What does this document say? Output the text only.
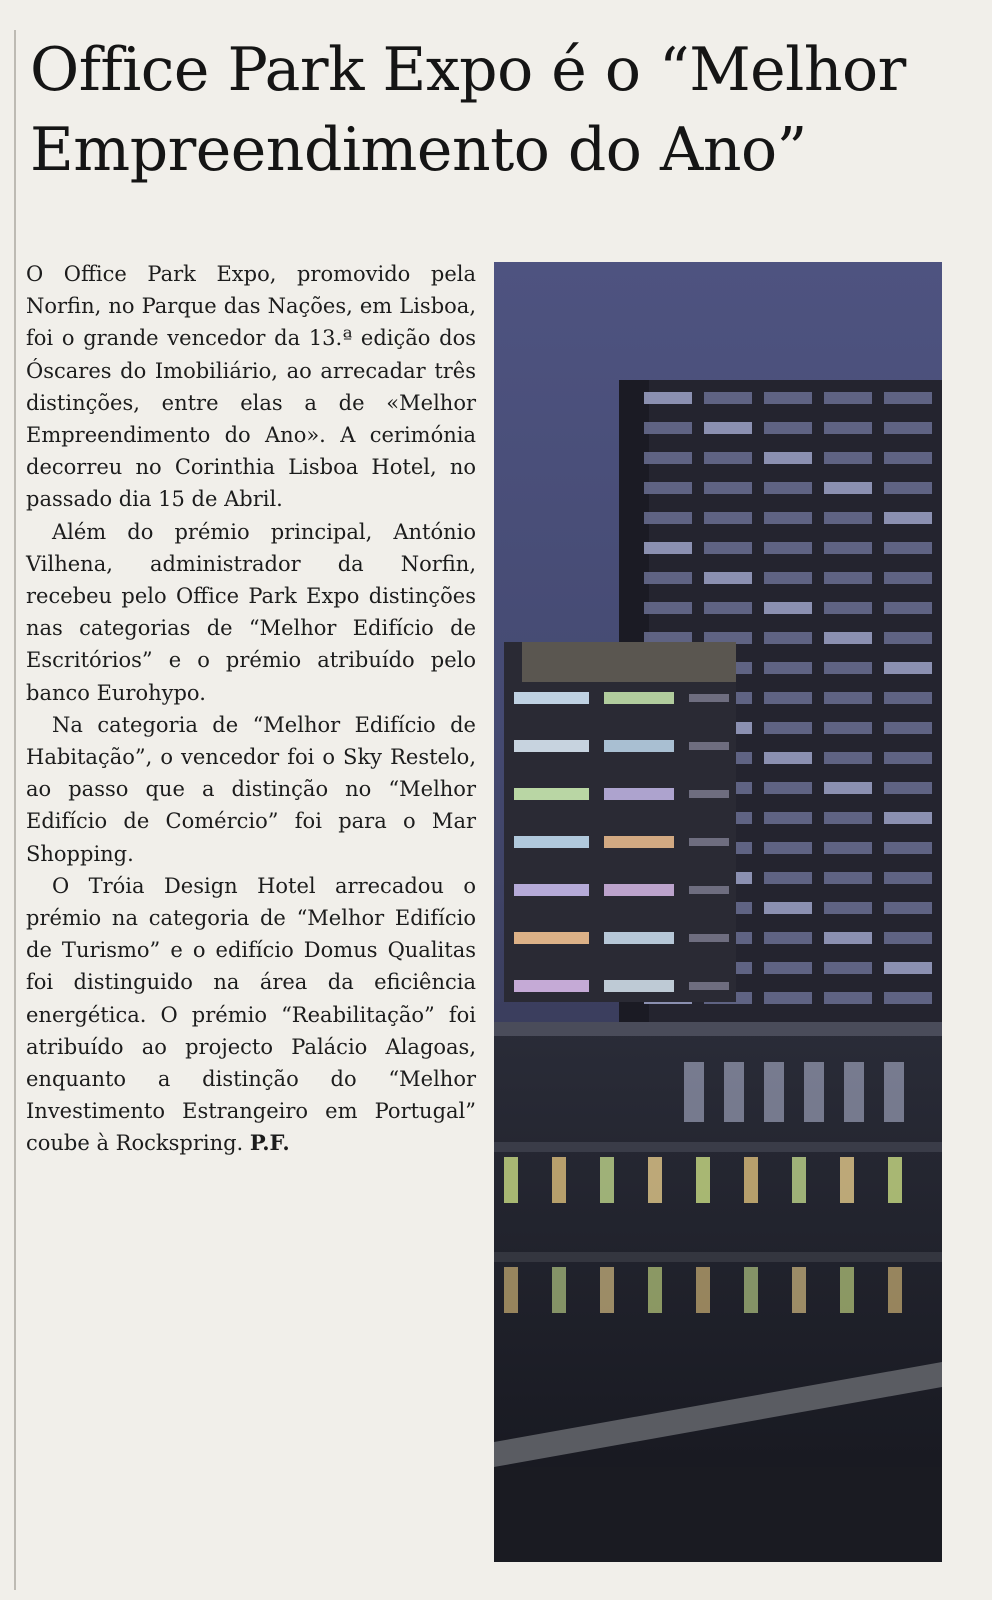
Office Park Expo é o “Melhor
Empreendimento do Ano”

O Office Park Expo, promovido pela Norfin, no Parque das Nações, em Lisboa, foi o grande vencedor da 13.ª edição dos Óscares do Imobiliário, ao arrecadar três distinções, entre elas a de «Melhor Empreendimento do Ano». A cerimónia decorreu no Corinthia Lisboa Hotel, no passado dia 15 de Abril.

Além do prémio principal, António Vilhena, administrador da Norfin, recebeu pelo Office Park Expo distinções nas categorias de “Melhor Edifício de Escritórios” e o prémio atribuído pelo banco Eurohypo.

Na categoria de “Melhor Edifício de Habitação”, o vencedor foi o Sky Restelo, ao passo que a distinção no “Melhor Edifício de Comércio” foi para o Mar Shopping.

O Tróia Design Hotel arrecadou o prémio na categoria de “Melhor Edifício de Turismo” e o edifício Domus Qualitas foi distinguido na área da eficiência energética. O prémio “Reabilitação” foi atribuído ao projecto Palácio Alagoas, enquanto a distinção do “Melhor Investimento Estrangeiro em Portugal” coube à Rockspring. P.F.
